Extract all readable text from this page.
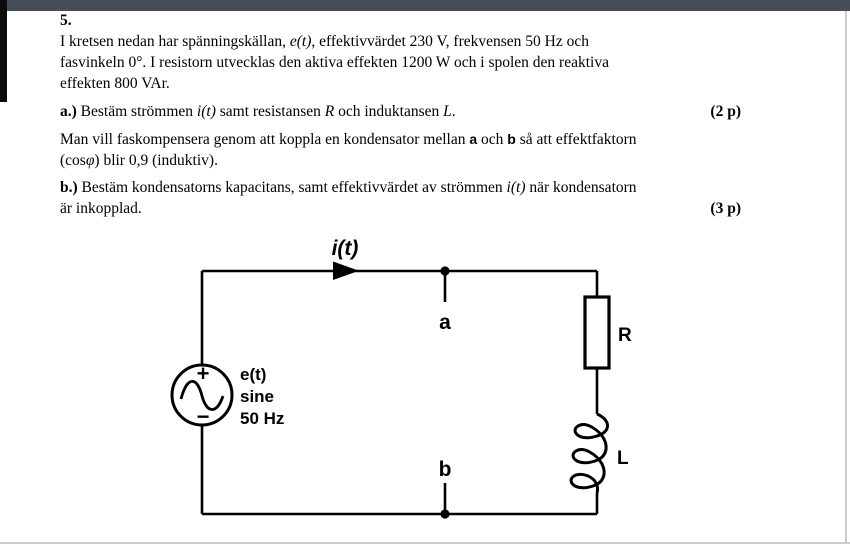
5.
I kretsen nedan har spänningskällan, e(t), effektivvärdet 230 V, frekvensen 50 Hz och
fasvinkeln 0°. I resistorn utvecklas den aktiva effekten 1200 W och i spolen den reaktiva
effekten 800 VAr.
a.) Bestäm strömmen i(t) samt resistansen R och induktansen L.	(2 p)
Man vill faskompensera genom att koppla en kondensator mellan a och b så att effektfaktorn
(cosφ) blir 0,9 (induktiv).
b.) Bestäm kondensatorns kapacitans, samt effektivvärdet av strömmen i(t) när kondensatorn
är inkopplad.	(3 p)
+
−
i(t)
a
b
R
L
e(t)
sine
50 Hz
